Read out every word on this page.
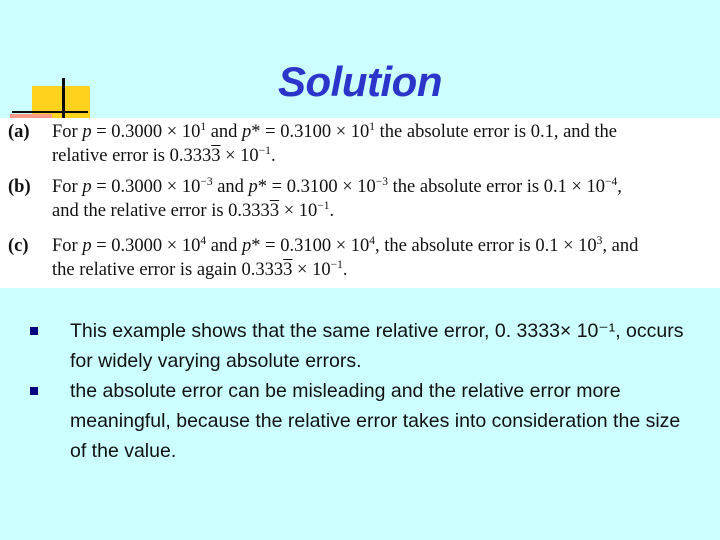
Solution
(a) For $p = 0.3000 \times 10^1$ and $p* = 0.3100 \times 10^1$ the absolute error is 0.1, and the
relative error is $0.3333 \times 10^{-1}$.
(b) For $p = 0.3000 \times 10^{-3}$ and $p* = 0.3100 \times 10^{-3}$ the absolute error is $0.1 \times 10^{-4}$,
and the relative error is $0.3333 \times 10^{-1}$.
(c) For $p = 0.3000 \times 10^4$ and $p* = 0.3100 \times 10^4$, the absolute error is $0.1 \times 10^3$, and
the relative error is again $0.3333 \times 10^{-1}$.
This example shows that the same relative error, 0. 3333× 10⁻¹, occurs for widely varying absolute errors.
the absolute error can be misleading and the relative error more meaningful, because the relative error takes into consideration the size of the value.
